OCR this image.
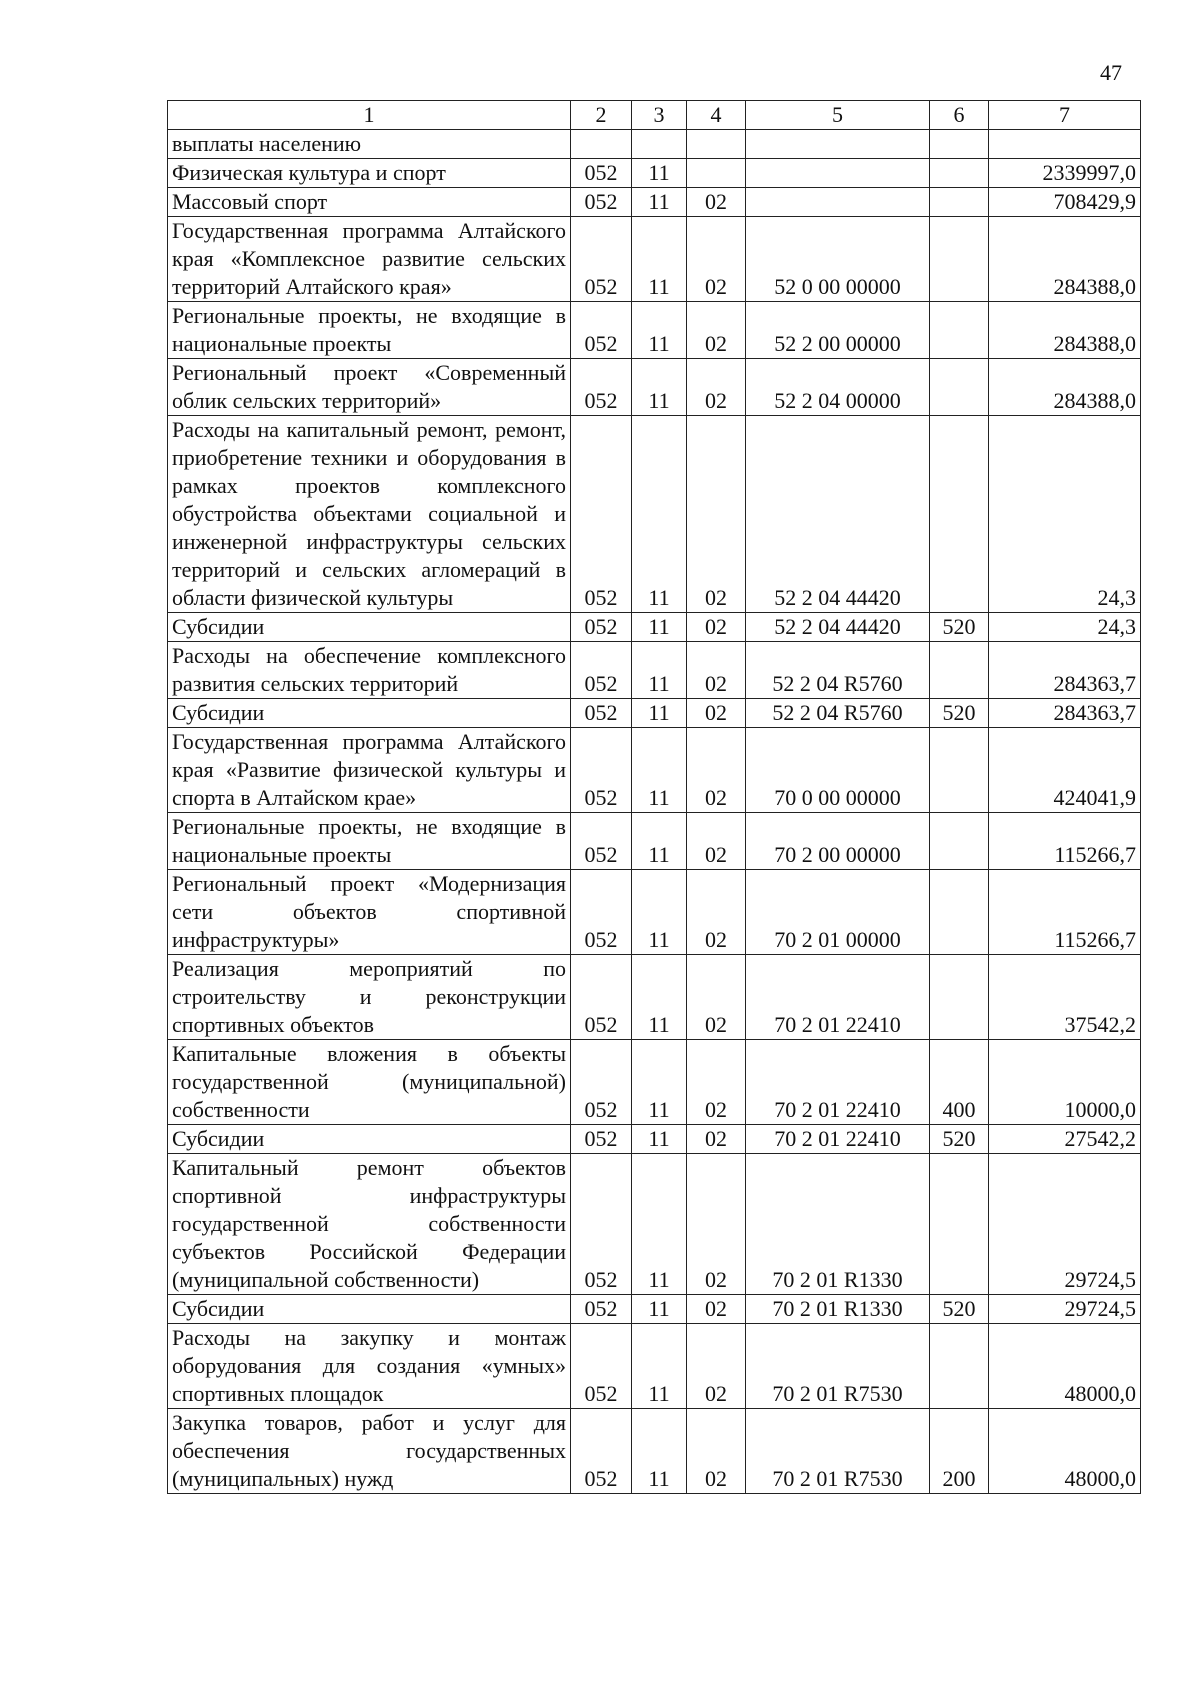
47
1	2	3	4	5	6	7
выплаты населению						
Физическая культура и спорт	052	11				2339997,0
Массовый спорт	052	11	02			708429,9
Государственная программа Алтайского края «Комплексное развитие сельских территорий Алтайского края»	052	11	02	52 0 00 00000		284388,0
Региональные проекты, не входящие в национальные проекты	052	11	02	52 2 00 00000		284388,0
Региональный проект «Современный облик сельских территорий»	052	11	02	52 2 04 00000		284388,0
Расходы на капитальный ремонт, ремонт, приобретение техники и оборудования в рамках проектов комплексного обустройства объектами социальной и инженерной инфраструктуры сельских территорий и сельских агломераций в области физической культуры	052	11	02	52 2 04 44420		24,3
Субсидии	052	11	02	52 2 04 44420	520	24,3
Расходы на обеспечение комплексного развития сельских территорий	052	11	02	52 2 04 R5760		284363,7
Субсидии	052	11	02	52 2 04 R5760	520	284363,7
Государственная программа Алтайского края «Развитие физической культуры и спорта в Алтайском крае»	052	11	02	70 0 00 00000		424041,9
Региональные проекты, не входящие в национальные проекты	052	11	02	70 2 00 00000		115266,7
Региональный проект «Модернизация сети объектов спортивной инфраструктуры»	052	11	02	70 2 01 00000		115266,7
Реализация мероприятий по строительству и реконструкции спортивных объектов	052	11	02	70 2 01 22410		37542,2
Капитальные вложения в объекты государственной (муниципальной) собственности	052	11	02	70 2 01 22410	400	10000,0
Субсидии	052	11	02	70 2 01 22410	520	27542,2
Капитальный ремонт объектов спортивной инфраструктуры государственной собственности субъектов Российской Федерации (муниципальной собственности)	052	11	02	70 2 01 R1330		29724,5
Субсидии	052	11	02	70 2 01 R1330	520	29724,5
Расходы на закупку и монтаж оборудования для создания «умных» спортивных площадок	052	11	02	70 2 01 R7530		48000,0
Закупка товаров, работ и услуг для обеспечения государственных (муниципальных) нужд	052	11	02	70 2 01 R7530	200	48000,0
